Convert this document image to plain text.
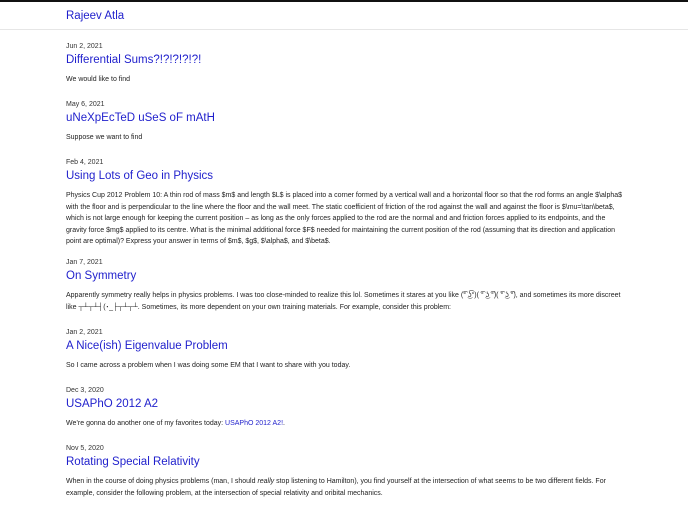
Rajeev Atla
Jun 2, 2021
Differential Sums?!?!?!?!?!

We would like to find

May 6, 2021
uNeXpEcTeD uSeS oF mAtH

Suppose we want to find

Feb 4, 2021
Using Lots of Geo in Physics

Physics Cup 2012 Problem 10: A thin rod of mass $m$ and length $L$ is placed into a corner formed by a vertical wall and a horizontal floor so that the rod forms an angle $\alpha$ with the floor and is perpendicular to the line where the floor and the wall meet. The static coefficient of friction of the rod against the wall and against the floor is $\mu=\tan\beta$, which is not large enough for keeping the current position – as long as the only forces applied to the rod are the normal and and friction forces applied to its endpoints, and the gravity force $mg$ applied to its centre. What is the minimal additional force $F$ needed for maintaining the current position of the rod (assuming that its direction and application point are optimal)? Express your answer in terms of $m$, $g$, $\alpha$, and $\beta$.

Jan 7, 2021
On Symmetry

Apparently symmetry really helps in physics problems. I was too close-minded to realize this lol. Sometimes it stares at you like (͡° ͜ʖ͡°)( ͡° ͜ʖ ͡°)( ͡° ͜ʖ ͡°), and sometimes its more discreet like ┬┴┬┴┤(･_├┬┴┬┴. Sometimes, its more dependent on your own training materials. For example, consider this problem:

Jan 2, 2021
A Nice(ish) Eigenvalue Problem

So I came across a problem when I was doing some EM that I want to share with you today.

Dec 3, 2020
USAPhO 2012 A2

We’re gonna do another one of my favorites today: USAPhO 2012 A2!.

Nov 5, 2020
Rotating Special Relativity

When in the course of doing physics problems (man, I should really stop listening to Hamilton), you find yourself at the intersection of what seems to be two different fields. For example, consider the following problem, at the intersection of special relativity and oribital mechanics.
